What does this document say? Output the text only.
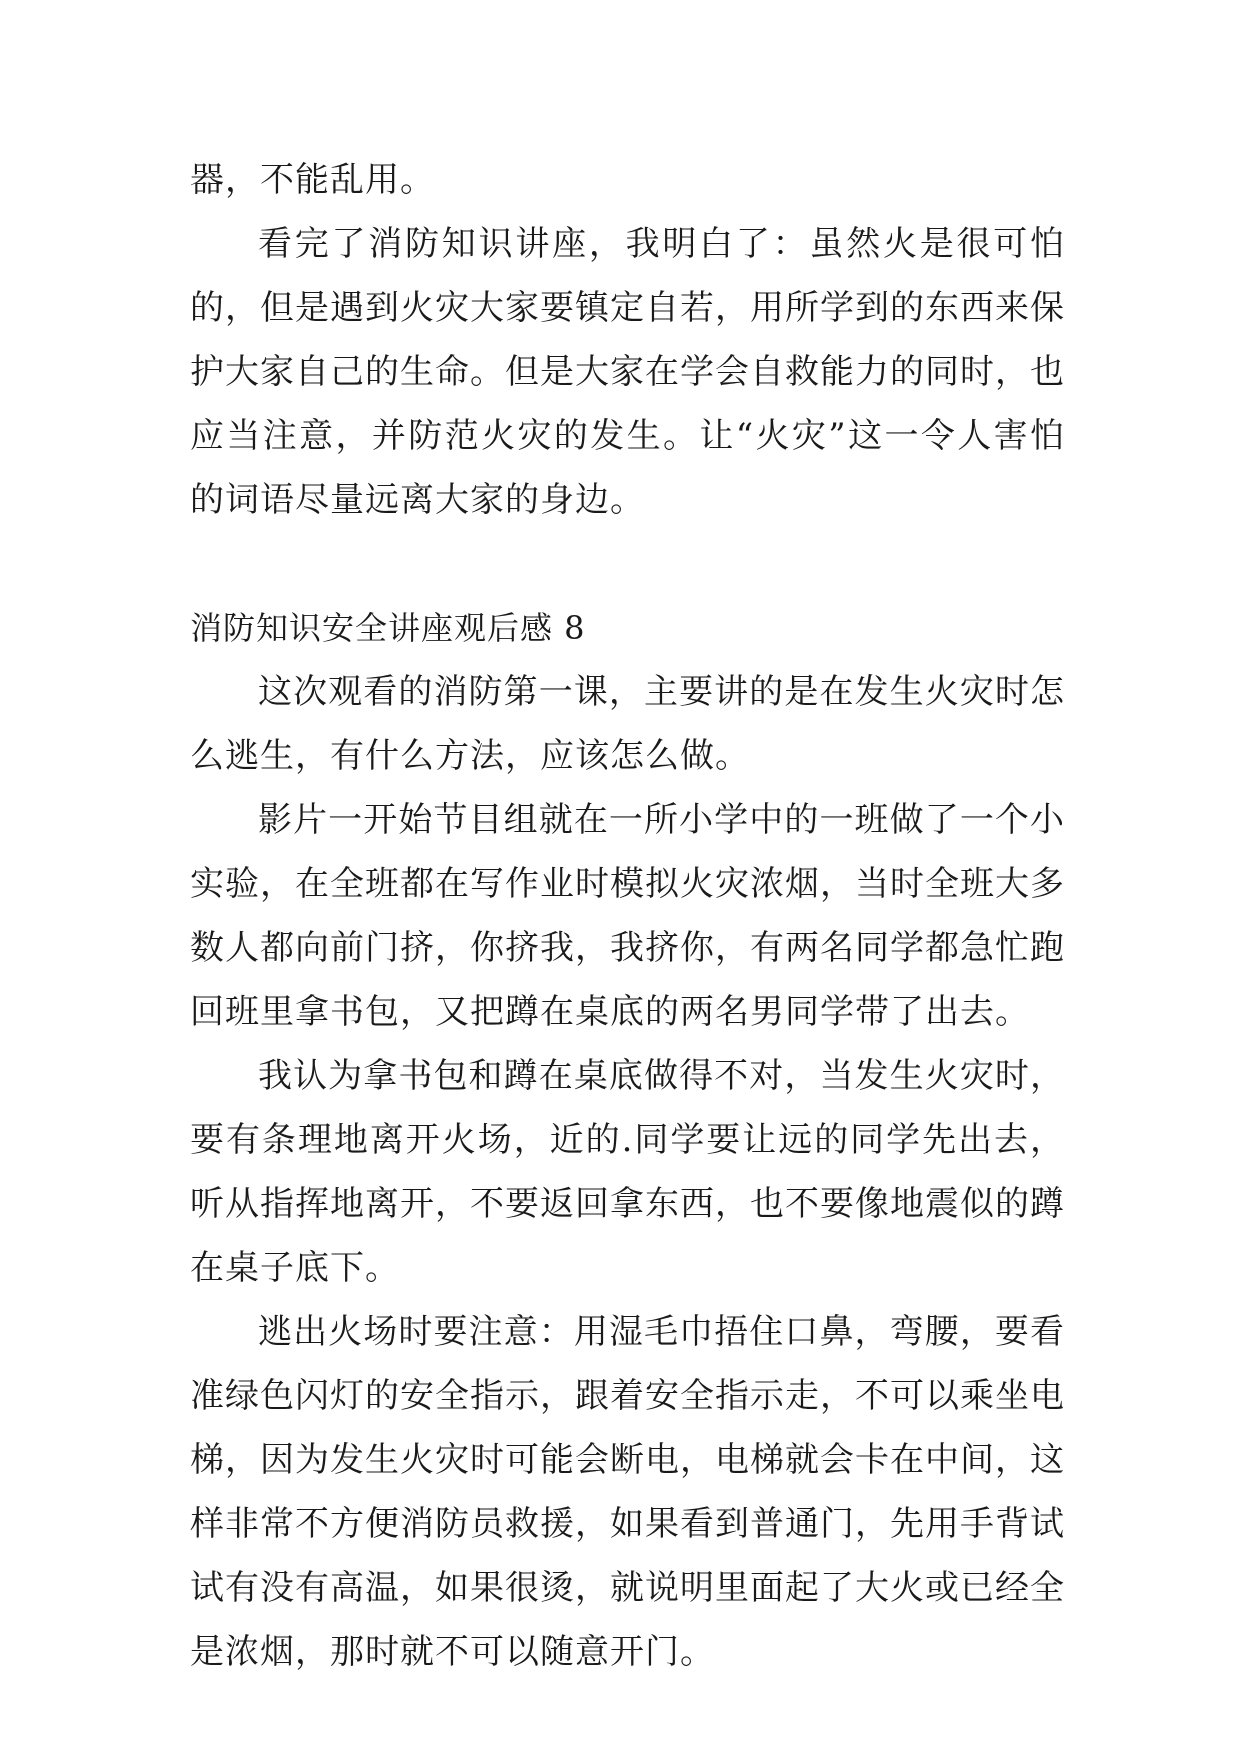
器，不能乱用。

看完了消防知识讲座，我明白了：虽然火是很可怕的，但是遇到火灾大家要镇定自若，用所学到的东西来保护大家自己的生命。但是大家在学会自救能力的同时，也应当注意，并防范火灾的发生。让“火灾”这一令人害怕的词语尽量远离大家的身边。

消防知识安全讲座观后感 8

这次观看的消防第一课，主要讲的是在发生火灾时怎么逃生，有什么方法，应该怎么做。

影片一开始节目组就在一所小学中的一班做了一个小实验，在全班都在写作业时模拟火灾浓烟，当时全班大多数人都向前门挤，你挤我，我挤你，有两名同学都急忙跑回班里拿书包，又把蹲在桌底的两名男同学带了出去。

我认为拿书包和蹲在桌底做得不对，当发生火灾时，要有条理地离开火场，近的.同学要让远的同学先出去，听从指挥地离开，不要返回拿东西，也不要像地震似的蹲在桌子底下。

逃出火场时要注意：用湿毛巾捂住口鼻，弯腰，要看准绿色闪灯的安全指示，跟着安全指示走，不可以乘坐电梯，因为发生火灾时可能会断电，电梯就会卡在中间，这样非常不方便消防员救援，如果看到普通门，先用手背试试有没有高温，如果很烫，就说明里面起了大火或已经全是浓烟，那时就不可以随意开门。
